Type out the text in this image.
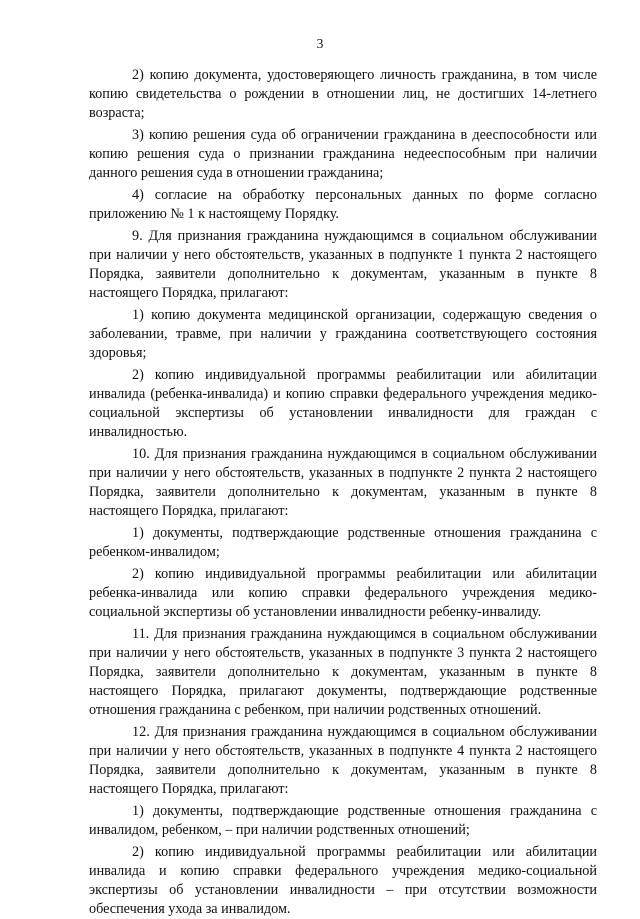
3

2) копию документа, удостоверяющего личность гражданина, в том числе копию свидетельства о рождении в отношении лиц, не достигших 14-летнего возраста;

3) копию решения суда об ограничении гражданина в дееспособности или копию решения суда о признании гражданина недееспособным при наличии данного решения суда в отношении гражданина;

4) согласие на обработку персональных данных по форме согласно приложению № 1 к настоящему Порядку.

9. Для признания гражданина нуждающимся в социальном обслуживании при наличии у него обстоятельств, указанных в подпункте 1 пункта 2 настоящего Порядка, заявители дополнительно к документам, указанным в пункте 8 настоящего Порядка, прилагают:

1) копию документа медицинской организации, содержащую сведения о заболевании, травме, при наличии у гражданина соответствующего состояния здоровья;

2) копию индивидуальной программы реабилитации или абилитации инвалида (ребенка-инвалида) и копию справки федерального учреждения медико-социальной экспертизы об установлении инвалидности для граждан с инвалидностью.

10. Для признания гражданина нуждающимся в социальном обслуживании при наличии у него обстоятельств, указанных в подпункте 2 пункта 2 настоящего Порядка, заявители дополнительно к документам, указанным в пункте 8 настоящего Порядка, прилагают:

1) документы, подтверждающие родственные отношения гражданина с ребенком-инвалидом;

2) копию индивидуальной программы реабилитации или абилитации ребенка-инвалида или копию справки федерального учреждения медико-социальной экспертизы об установлении инвалидности ребенку-инвалиду.

11. Для признания гражданина нуждающимся в социальном обслуживании при наличии у него обстоятельств, указанных в подпункте 3 пункта 2 настоящего Порядка, заявители дополнительно к документам, указанным в пункте 8 настоящего Порядка, прилагают документы, подтверждающие родственные отношения гражданина с ребенком, при наличии родственных отношений.

12. Для признания гражданина нуждающимся в социальном обслуживании при наличии у него обстоятельств, указанных в подпункте 4 пункта 2 настоящего Порядка, заявители дополнительно к документам, указанным в пункте 8 настоящего Порядка, прилагают:

1) документы, подтверждающие родственные отношения гражданина с инвалидом, ребенком, – при наличии родственных отношений;

2) копию индивидуальной программы реабилитации или абилитации инвалида и копию справки федерального учреждения медико-социальной экспертизы об установлении инвалидности – при отсутствии возможности обеспечения ухода за инвалидом.
